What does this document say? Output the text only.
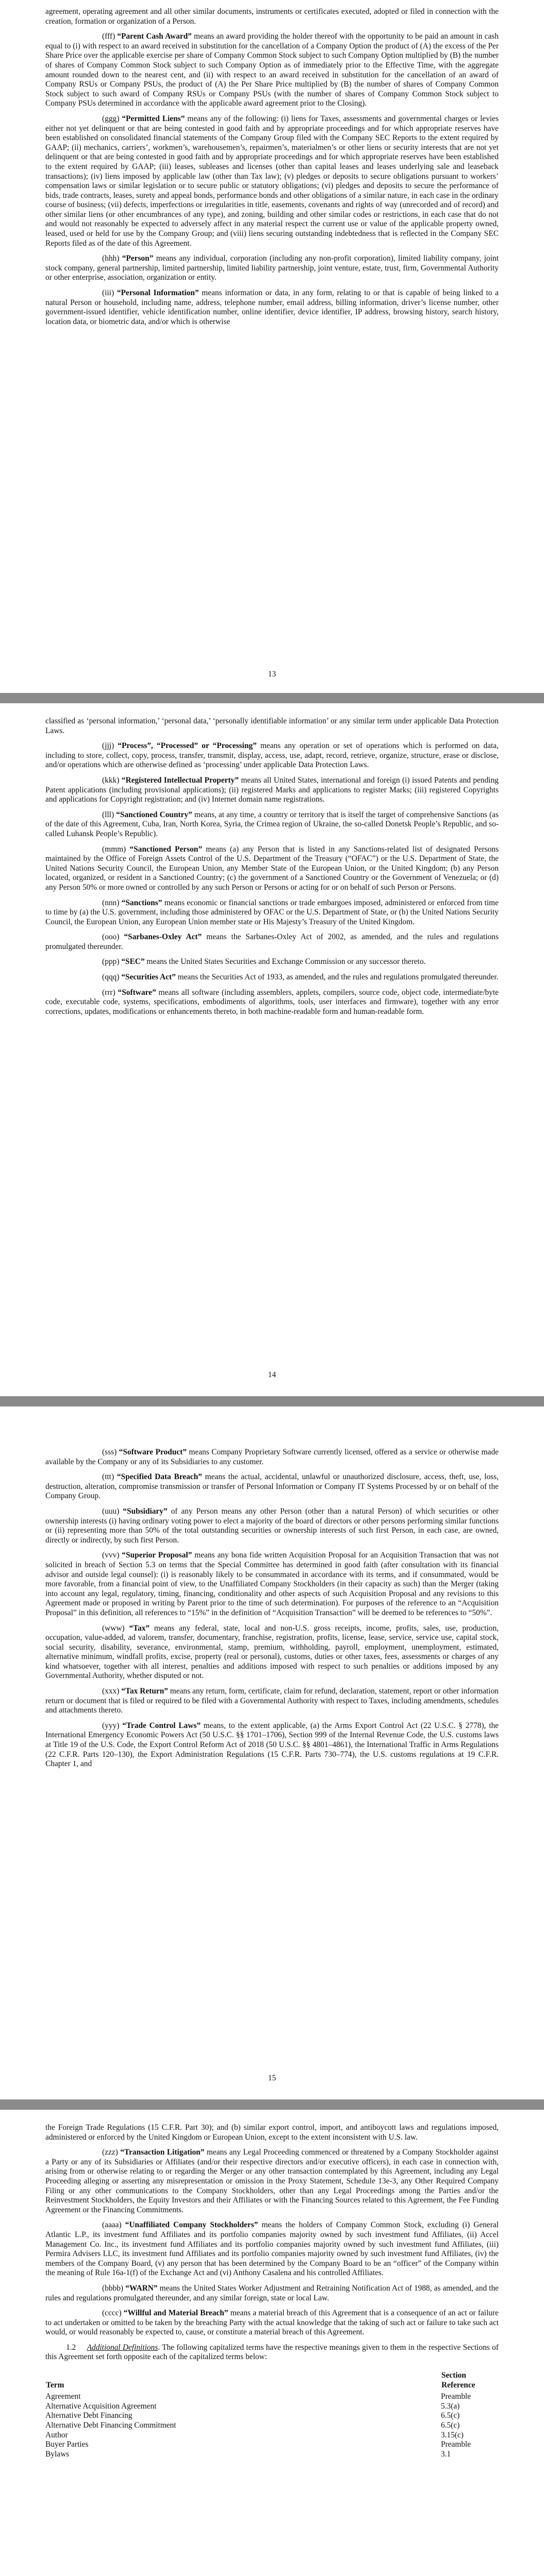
agreement, operating agreement and all other similar documents, instruments or certificates executed, adopted or filed in connection with the creation, formation or organization of a Person.

(fff) “Parent Cash Award” means an award providing the holder thereof with the opportunity to be paid an amount in cash equal to (i) with respect to an award received in substitution for the cancellation of a Company Option the product of (A) the excess of the Per Share Price over the applicable exercise per share of Company Common Stock subject to such Company Option multiplied by (B) the number of shares of Company Common Stock subject to such Company Option as of immediately prior to the Effective Time, with the aggregate amount rounded down to the nearest cent, and (ii) with respect to an award received in substitution for the cancellation of an award of Company RSUs or Company PSUs, the product of (A) the Per Share Price multiplied by (B) the number of shares of Company Common Stock subject to such award of Company RSUs or Company PSUs (with the number of shares of Company Common Stock subject to Company PSUs determined in accordance with the applicable award agreement prior to the Closing).

(ggg) “Permitted Liens” means any of the following: (i) liens for Taxes, assessments and governmental charges or levies either not yet delinquent or that are being contested in good faith and by appropriate proceedings and for which appropriate reserves have been established on consolidated financial statements of the Company Group filed with the Company SEC Reports to the extent required by GAAP; (ii) mechanics, carriers’, workmen’s, warehousemen’s, repairmen’s, materialmen’s or other liens or security interests that are not yet delinquent or that are being contested in good faith and by appropriate proceedings and for which appropriate reserves have been established to the extent required by GAAP; (iii) leases, subleases and licenses (other than capital leases and leases underlying sale and leaseback transactions); (iv) liens imposed by applicable law (other than Tax law); (v) pledges or deposits to secure obligations pursuant to workers’ compensation laws or similar legislation or to secure public or statutory obligations; (vi) pledges and deposits to secure the performance of bids, trade contracts, leases, surety and appeal bonds, performance bonds and other obligations of a similar nature, in each case in the ordinary course of business; (vii) defects, imperfections or irregularities in title, easements, covenants and rights of way (unrecorded and of record) and other similar liens (or other encumbrances of any type), and zoning, building and other similar codes or restrictions, in each case that do not and would not reasonably be expected to adversely affect in any material respect the current use or value of the applicable property owned, leased, used or held for use by the Company Group; and (viii) liens securing outstanding indebtedness that is reflected in the Company SEC Reports filed as of the date of this Agreement.

(hhh) “Person” means any individual, corporation (including any non-profit corporation), limited liability company, joint stock company, general partnership, limited partnership, limited liability partnership, joint venture, estate, trust, firm, Governmental Authority or other enterprise, association, organization or entity.

(iii) “Personal Information” means information or data, in any form, relating to or that is capable of being linked to a natural Person or household, including name, address, telephone number, email address, billing information, driver’s license number, other government-issued identifier, vehicle identification number, online identifier, device identifier, IP address, browsing history, search history, location data, or biometric data, and/or which is otherwise

13

classified as ‘personal information,’ ‘personal data,’ ‘personally identifiable information’ or any similar term under applicable Data Protection Laws.

(jjj) “Process”, “Processed” or “Processing” means any operation or set of operations which is performed on data, including to store, collect, copy, process, transfer, transmit, display, access, use, adapt, record, retrieve, organize, structure, erase or disclose, and/or operations which are otherwise defined as ‘processing’ under applicable Data Protection Laws.

(kkk) “Registered Intellectual Property” means all United States, international and foreign (i) issued Patents and pending Patent applications (including provisional applications); (ii) registered Marks and applications to register Marks; (iii) registered Copyrights and applications for Copyright registration; and (iv) Internet domain name registrations.

(lll) “Sanctioned Country” means, at any time, a country or territory that is itself the target of comprehensive Sanctions (as of the date of this Agreement, Cuba, Iran, North Korea, Syria, the Crimea region of Ukraine, the so-called Donetsk People’s Republic, and so-called Luhansk People’s Republic).

(mmm) “Sanctioned Person” means (a) any Person that is listed in any Sanctions-related list of designated Persons maintained by the Office of Foreign Assets Control of the U.S. Department of the Treasury (“OFAC”) or the U.S. Department of State, the United Nations Security Council, the European Union, any Member State of the European Union, or the United Kingdom; (b) any Person located, organized, or resident in a Sanctioned Country; (c) the government of a Sanctioned Country or the Government of Venezuela; or (d) any Person 50% or more owned or controlled by any such Person or Persons or acting for or on behalf of such Person or Persons.

(nnn) “Sanctions” means economic or financial sanctions or trade embargoes imposed, administered or enforced from time to time by (a) the U.S. government, including those administered by OFAC or the U.S. Department of State, or (b) the United Nations Security Council, the European Union, any European Union member state or His Majesty’s Treasury of the United Kingdom.

(ooo) “Sarbanes-Oxley Act” means the Sarbanes-Oxley Act of 2002, as amended, and the rules and regulations promulgated thereunder.

(ppp) “SEC” means the United States Securities and Exchange Commission or any successor thereto.

(qqq) “Securities Act” means the Securities Act of 1933, as amended, and the rules and regulations promulgated thereunder.

(rrr) “Software” means all software (including assemblers, applets, compilers, source code, object code, intermediate/byte code, executable code, systems, specifications, embodiments of algorithms, tools, user interfaces and firmware), together with any error corrections, updates, modifications or enhancements thereto, in both machine-readable form and human-readable form.

14

(sss) “Software Product” means Company Proprietary Software currently licensed, offered as a service or otherwise made available by the Company or any of its Subsidiaries to any customer.

(ttt) “Specified Data Breach” means the actual, accidental, unlawful or unauthorized disclosure, access, theft, use, loss, destruction, alteration, compromise transmission or transfer of Personal Information or Company IT Systems Processed by or on behalf of the Company Group.

(uuu) “Subsidiary” of any Person means any other Person (other than a natural Person) of which securities or other ownership interests (i) having ordinary voting power to elect a majority of the board of directors or other persons performing similar functions or (ii) representing more than 50% of the total outstanding securities or ownership interests of such first Person, in each case, are owned, directly or indirectly, by such first Person.

(vvv) “Superior Proposal” means any bona fide written Acquisition Proposal for an Acquisition Transaction that was not solicited in breach of Section 5.3 on terms that the Special Committee has determined in good faith (after consultation with its financial advisor and outside legal counsel): (i) is reasonably likely to be consummated in accordance with its terms, and if consummated, would be more favorable, from a financial point of view, to the Unaffiliated Company Stockholders (in their capacity as such) than the Merger (taking into account any legal, regulatory, timing, financing, conditionality and other aspects of such Acquisition Proposal and any revisions to this Agreement made or proposed in writing by Parent prior to the time of such determination). For purposes of the reference to an “Acquisition Proposal” in this definition, all references to “15%” in the definition of “Acquisition Transaction” will be deemed to be references to “50%”.

(www) “Tax” means any federal, state, local and non-U.S. gross receipts, income, profits, sales, use, production, occupation, value-added, ad valorem, transfer, documentary, franchise, registration, profits, license, lease, service, service use, capital stock, social security, disability, severance, environmental, stamp, premium, withholding, payroll, employment, unemployment, estimated, alternative minimum, windfall profits, excise, property (real or personal), customs, duties or other taxes, fees, assessments or charges of any kind whatsoever, together with all interest, penalties and additions imposed with respect to such penalties or additions imposed by any Governmental Authority, whether disputed or not.

(xxx) “Tax Return” means any return, form, certificate, claim for refund, declaration, statement, report or other information return or document that is filed or required to be filed with a Governmental Authority with respect to Taxes, including amendments, schedules and attachments thereto.

(yyy) “Trade Control Laws” means, to the extent applicable, (a) the Arms Export Control Act (22 U.S.C. § 2778), the International Emergency Economic Powers Act (50 U.S.C. §§ 1701–1706), Section 999 of the Internal Revenue Code, the U.S. customs laws at Title 19 of the U.S. Code, the Export Control Reform Act of 2018 (50 U.S.C. §§ 4801–4861), the International Traffic in Arms Regulations (22 C.F.R. Parts 120–130), the Export Administration Regulations (15 C.F.R. Parts 730–774), the U.S. customs regulations at 19 C.F.R. Chapter 1, and

15

the Foreign Trade Regulations (15 C.F.R. Part 30); and (b) similar export control, import, and antiboycott laws and regulations imposed, administered or enforced by the United Kingdom or European Union, except to the extent inconsistent with U.S. law.

(zzz) “Transaction Litigation” means any Legal Proceeding commenced or threatened by a Company Stockholder against a Party or any of its Subsidiaries or Affiliates (and/or their respective directors and/or executive officers), in each case in connection with, arising from or otherwise relating to or regarding the Merger or any other transaction contemplated by this Agreement, including any Legal Proceeding alleging or asserting any misrepresentation or omission in the Proxy Statement, Schedule 13e-3, any Other Required Company Filing or any other communications to the Company Stockholders, other than any Legal Proceedings among the Parties and/or the Reinvestment Stockholders, the Equity Investors and their Affiliates or with the Financing Sources related to this Agreement, the Fee Funding Agreement or the Financing Commitments.

(aaaa) “Unaffiliated Company Stockholders” means the holders of Company Common Stock, excluding (i) General Atlantic L.P., its investment fund Affiliates and its portfolio companies majority owned by such investment fund Affiliates, (ii) Accel Management Co. Inc., its investment fund Affiliates and its portfolio companies majority owned by such investment fund Affiliates, (iii) Permira Advisers LLC, its investment fund Affiliates and its portfolio companies majority owned by such investment fund Affiliates, (iv) the members of the Company Board, (v) any person that has been determined by the Company Board to be an “officer” of the Company within the meaning of Rule 16a-1(f) of the Exchange Act and (vi) Anthony Casalena and his controlled Affiliates.

(bbbb) “WARN” means the United States Worker Adjustment and Retraining Notification Act of 1988, as amended, and the rules and regulations promulgated thereunder, and any similar foreign, state or local Law.

(cccc) “Willful and Material Breach” means a material breach of this Agreement that is a consequence of an act or failure to act undertaken or omitted to be taken by the breaching Party with the actual knowledge that the taking of such act or failure to take such act would, or would reasonably be expected to, cause, or constitute a material breach of this Agreement.

1.2 Additional Definitions. The following capitalized terms have the respective meanings given to them in the respective Sections of this Agreement set forth opposite each of the capitalized terms below:

Term	Section Reference
Agreement	Preamble
Alternative Acquisition Agreement	5.3(a)
Alternative Debt Financing	6.5(c)
Alternative Debt Financing Commitment	6.5(c)
Author	3.15(c)
Buyer Parties	Preamble
Bylaws	3.1
